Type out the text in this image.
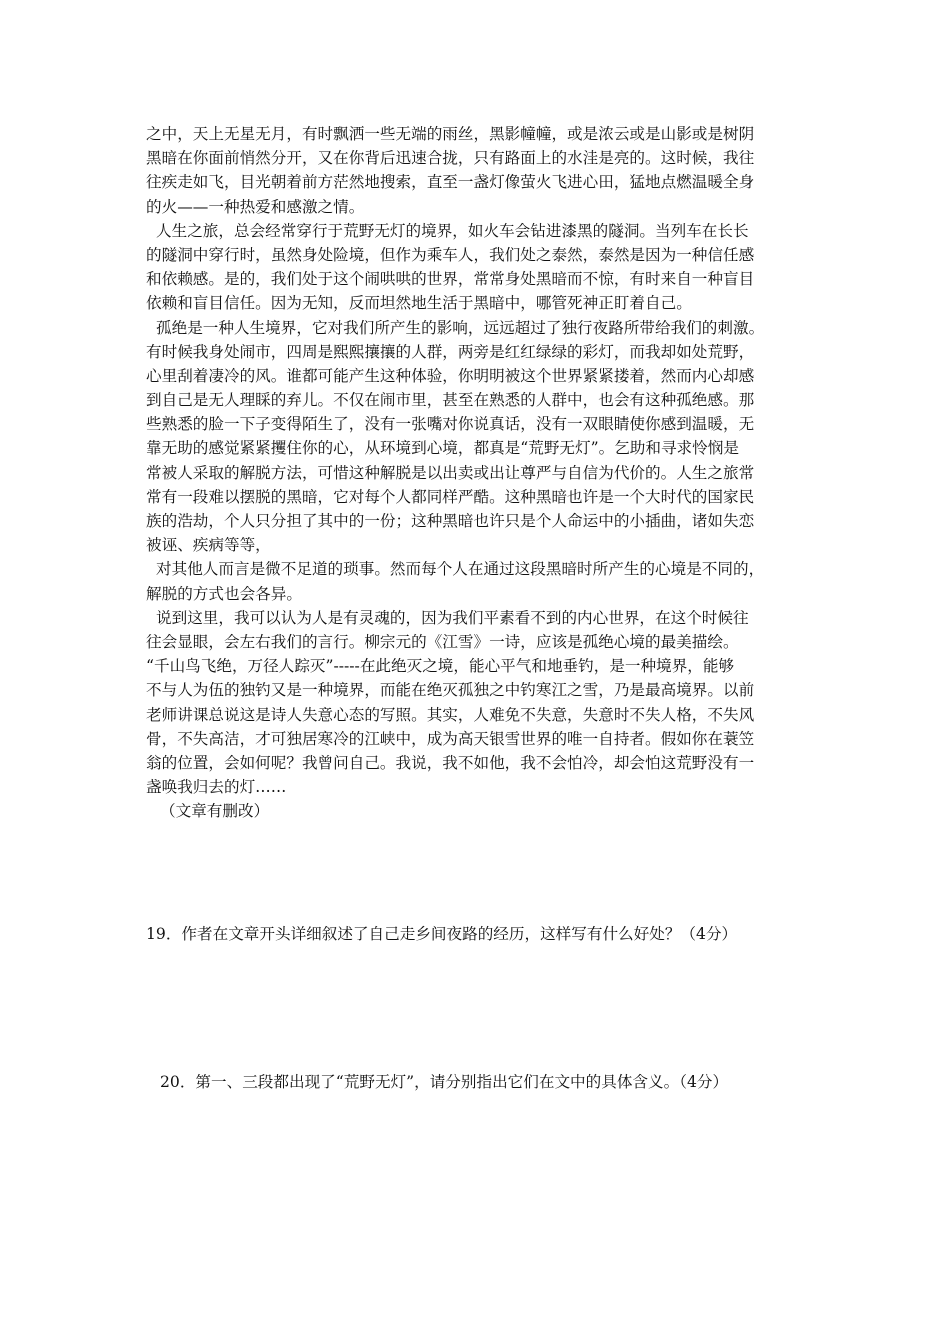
之中，天上无星无月，有时飘洒一些无端的雨丝，黑影幢幢，或是浓云或是山影或是树阴
黑暗在你面前悄然分开，又在你背后迅速合拢，只有路面上的水洼是亮的。这时候，我往
往疾走如飞，目光朝着前方茫然地搜索，直至一盏灯像萤火飞进心田，猛地点燃温暖全身
的火——一种热爱和感激之情。
人生之旅，总会经常穿行于荒野无灯的境界，如火车会钻进漆黑的隧洞。当列车在长长
的隧洞中穿行时，虽然身处险境，但作为乘车人，我们处之泰然，泰然是因为一种信任感
和依赖感。是的，我们处于这个闹哄哄的世界，常常身处黑暗而不惊，有时来自一种盲目
依赖和盲目信任。因为无知，反而坦然地生活于黑暗中，哪管死神正盯着自己。
孤绝是一种人生境界，它对我们所产生的影响，远远超过了独行夜路所带给我们的刺激。
有时候我身处闹市，四周是熙熙攘攘的人群，两旁是红红绿绿的彩灯，而我却如处荒野，
心里刮着凄冷的风。谁都可能产生这种体验，你明明被这个世界紧紧搂着，然而内心却感
到自己是无人理睬的弃儿。不仅在闹市里，甚至在熟悉的人群中，也会有这种孤绝感。那
些熟悉的脸一下子变得陌生了，没有一张嘴对你说真话，没有一双眼睛使你感到温暖，无
靠无助的感觉紧紧攫住你的心，从环境到心境，都真是“荒野无灯”。乞助和寻求怜悯是
常被人采取的解脱方法，可惜这种解脱是以出卖或出让尊严与自信为代价的。人生之旅常
常有一段难以摆脱的黑暗，它对每个人都同样严酷。这种黑暗也许是一个大时代的国家民
族的浩劫，个人只分担了其中的一份；这种黑暗也许只是个人命运中的小插曲，诸如失恋
被诬、疾病等等，
对其他人而言是微不足道的琐事。然而每个人在通过这段黑暗时所产生的心境是不同的，
解脱的方式也会各异。
说到这里，我可以认为人是有灵魂的，因为我们平素看不到的内心世界，在这个时候往
往会显眼，会左右我们的言行。柳宗元的《江雪》一诗，应该是孤绝心境的最美描绘。
“千山鸟飞绝，万径人踪灭”-----在此绝灭之境，能心平气和地垂钓，是一种境界，能够
不与人为伍的独钓又是一种境界，而能在绝灭孤独之中钓寒江之雪，乃是最高境界。以前
老师讲课总说这是诗人失意心态的写照。其实，人难免不失意，失意时不失人格，不失风
骨，不失高洁，才可独居寒冷的江峡中，成为高天银雪世界的唯一自持者。假如你在蓑笠
翁的位置，会如何呢？我曾问自己。我说，我不如他，我不会怕冷，却会怕这荒野没有一
盏唤我归去的灯……
（文章有删改）
19．作者在文章开头详细叙述了自己走乡间夜路的经历，这样写有什么好处？（4分）
20．第一、三段都出现了“荒野无灯”，请分别指出它们在文中的具体含义。（4分）
